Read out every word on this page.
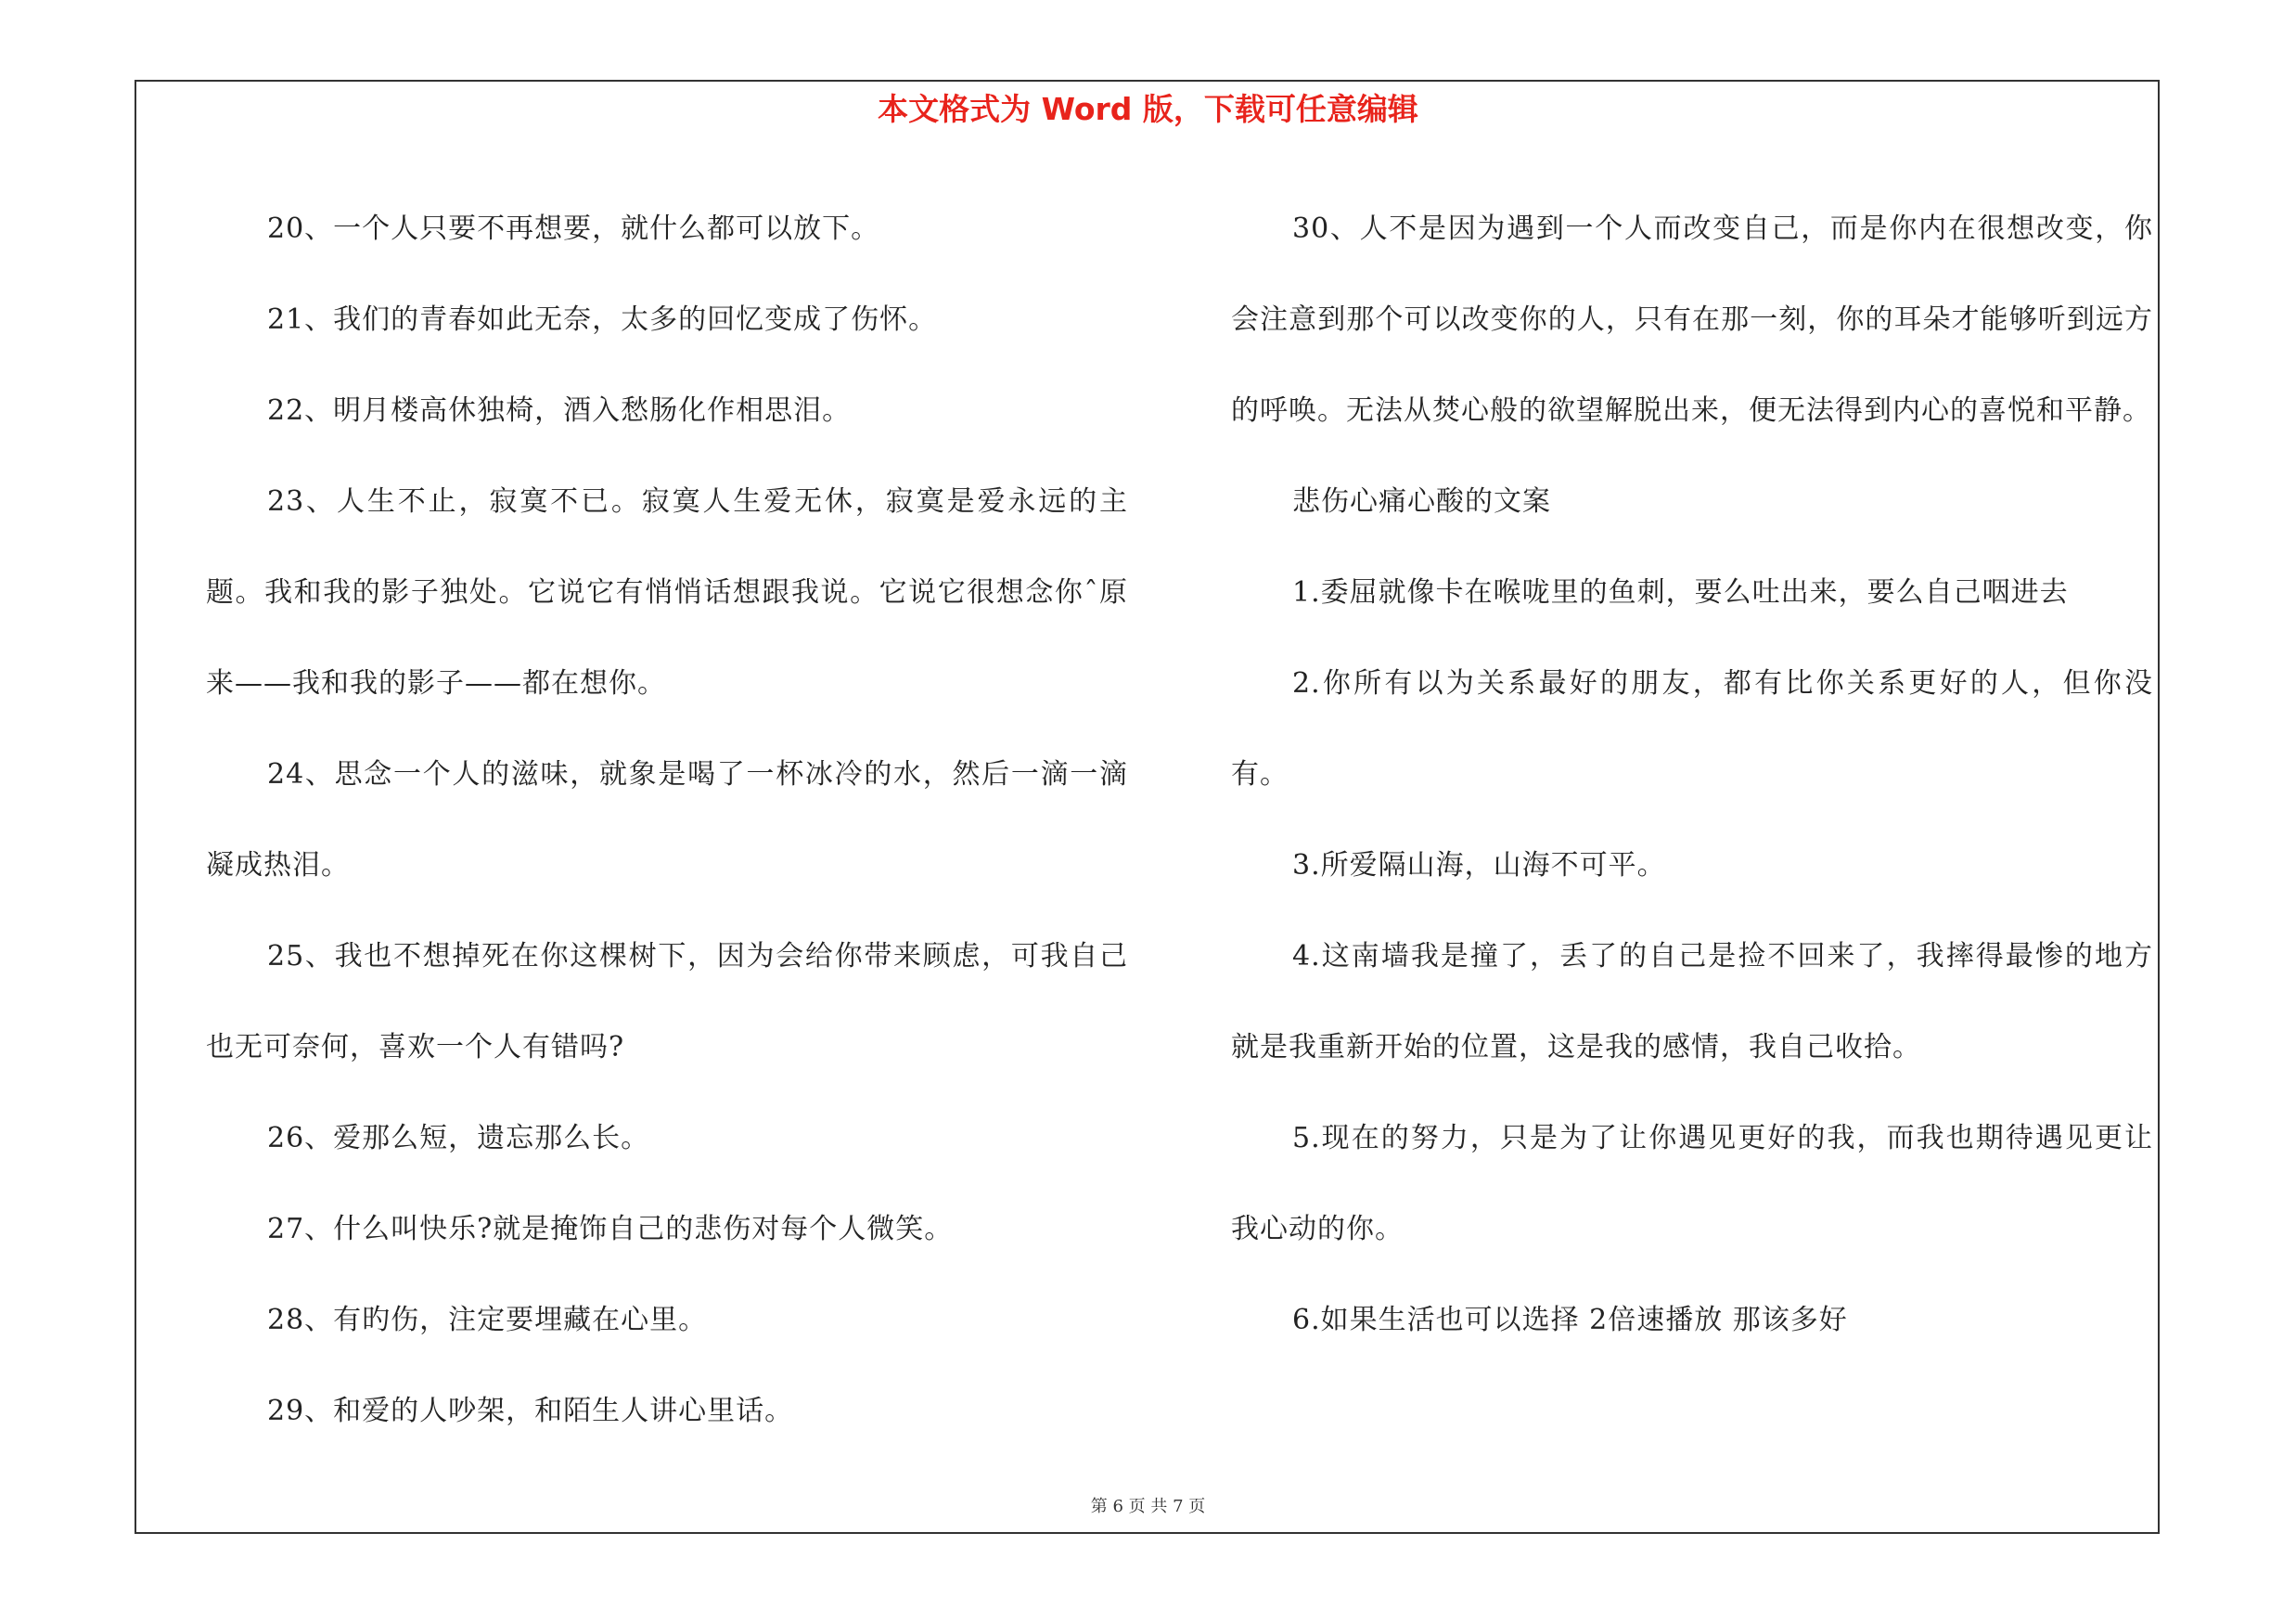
本文格式为 Word 版，下载可任意编辑

20、一个人只要不再想要，就什么都可以放下。

21、我们的青春如此无奈，太多的回忆变成了伤怀。

22、明月楼高休独椅，酒入愁肠化作相思泪。

23、人生不止，寂寞不已。寂寞人生爱无休，寂寞是爱永远的主题。我和我的影子独处。它说它有悄悄话想跟我说。它说它很想念你ˆ原来——我和我的影子——都在想你。

24、思念一个人的滋味，就象是喝了一杯冰冷的水，然后一滴一滴凝成热泪。

25、我也不想掉死在你这棵树下，因为会给你带来顾虑，可我自己也无可奈何，喜欢一个人有错吗?

26、爱那么短，遗忘那么长。

27、什么叫快乐?就是掩饰自己的悲伤对每个人微笑。

28、有旳伤，注定要埋藏在心里。

29、和爱的人吵架，和陌生人讲心里话。

30、人不是因为遇到一个人而改变自己，而是你内在很想改变，你会注意到那个可以改变你的人，只有在那一刻，你的耳朵才能够听到远方的呼唤。无法从焚心般的欲望解脱出来，便无法得到内心的喜悦和平静。

悲伤心痛心酸的文案

1.委屈就像卡在喉咙里的鱼刺，要么吐出来，要么自己咽进去

2.你所有以为关系最好的朋友，都有比你关系更好的人，但你没有。

3.所爱隔山海，山海不可平。

4.这南墙我是撞了，丢了的自己是捡不回来了，我摔得最惨的地方就是我重新开始的位置，这是我的感情，我自己收拾。

5.现在的努力，只是为了让你遇见更好的我，而我也期待遇见更让我心动的你。

6.如果生活也可以选择 2倍速播放 那该多好

第 6 页 共 7 页
